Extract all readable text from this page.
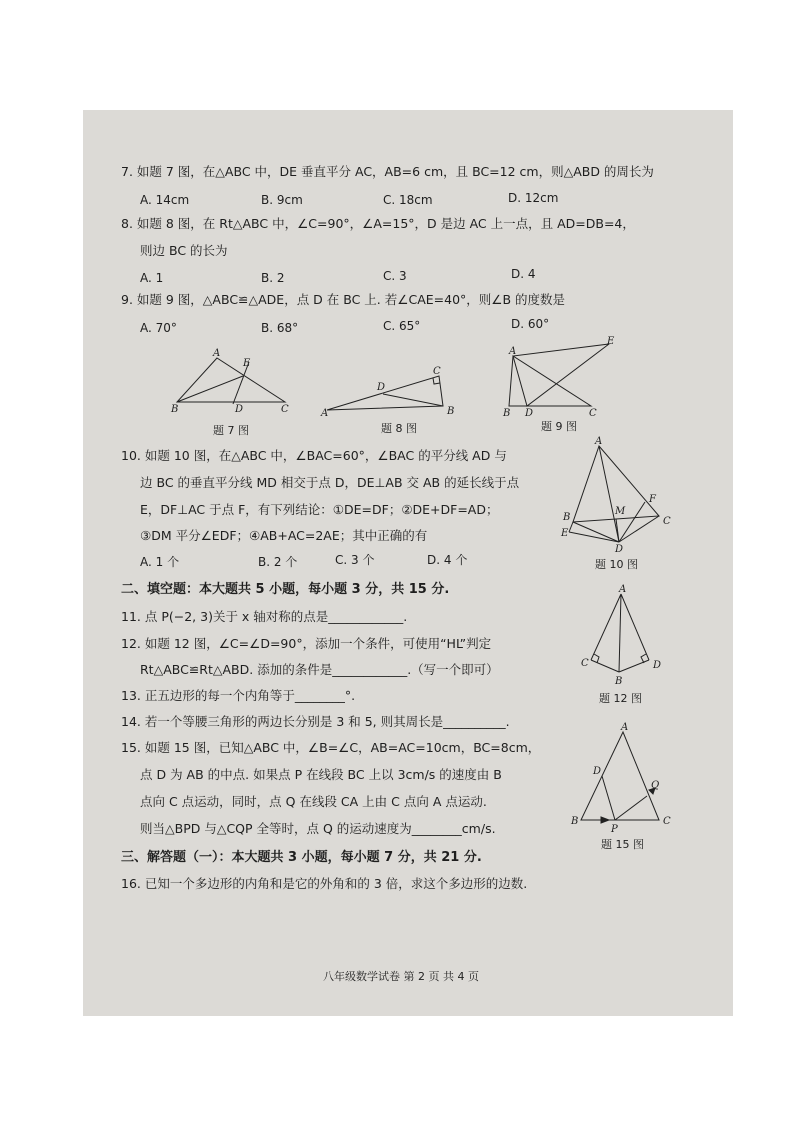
7. 如题 7 图，在△ABC 中，DE 垂直平分 AC，AB=6 cm，且 BC=12 cm，则△ABD 的周长为
A. 14cm	B. 9cm	C. 18cm	D. 12cm
8. 如题 8 图，在 Rt△ABC 中，∠C=90°，∠A=15°，D 是边 AC 上一点，且 AD=DB=4，
则边 BC 的长为
A. 1	B. 2	C. 3	D. 4
9. 如题 9 图，△ABC≌△ADE，点 D 在 BC 上. 若∠CAE=40°，则∠B 的度数是
A. 70°	B. 68°	C. 65°	D. 60°
A
B	C
D
E
题 7 图
A	B
C
D
题 8 图
A
B	C
D
E
题 9 图
10. 如题 10 图，在△ABC 中，∠BAC=60°，∠BAC 的平分线 AD 与
边 BC 的垂直平分线 MD 相交于点 D，DE⊥AB 交 AB 的延长线于点
E，DF⊥AC 于点 F，有下列结论：①DE=DF；②DE+DF=AD；
③DM 平分∠EDF；④AB+AC=2AE；其中正确的有
A. 1 个	B. 2 个	C. 3 个	D. 4 个
A
B	C
D
E
F
M
题 10 图
二、填空题：本大题共 5 小题，每小题 3 分，共 15 分.
11. 点 P(−2, 3)关于 x 轴对称的点是____________.
12. 如题 12 图，∠C=∠D=90°，添加一个条件，可使用“HL”判定
Rt△ABC≌Rt△ABD. 添加的条件是____________.（写一个即可）
13. 正五边形的每一个内角等于________°.
14. 若一个等腰三角形的两边长分别是 3 和 5, 则其周长是__________.
A
C	D
B
题 12 图
15. 如题 15 图，已知△ABC 中，∠B=∠C，AB=AC=10cm，BC=8cm，
点 D 为 AB 的中点. 如果点 P 在线段 BC 上以 3cm/s 的速度由 B
点向 C 点运动，同时，点 Q 在线段 CA 上由 C 点向 A 点运动.
则当△BPD 与△CQP 全等时，点 Q 的运动速度为________cm/s.
A
B	C
D
P
Q
题 15 图
三、解答题（一）：本大题共 3 小题，每小题 7 分，共 21 分.
16. 已知一个多边形的内角和是它的外角和的 3 倍，求这个多边形的边数.
八年级数学试卷 第 2 页 共 4 页
